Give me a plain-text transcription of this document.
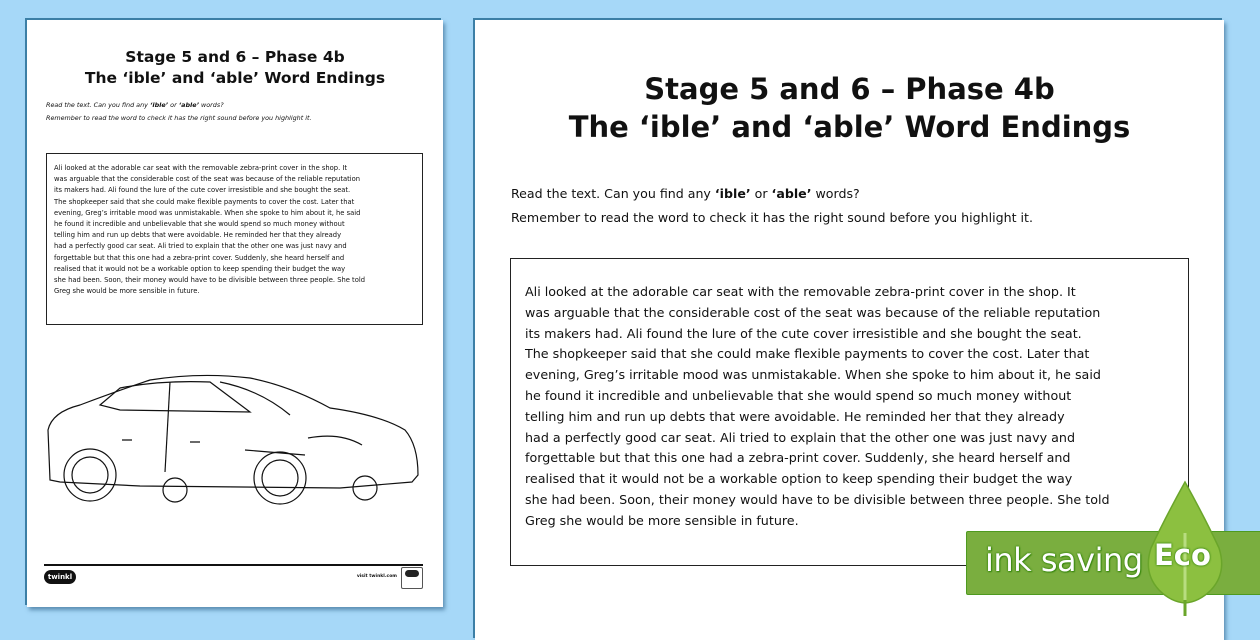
Stage 5 and 6 – Phase 4b
The ‘ible’ and ‘able’ Word Endings
Read the text. Can you find any ‘ible’ or ‘able’ words?
Remember to read the word to check it has the right sound before you highlight it.

Ali looked at the adorable car seat with the removable zebra-print cover in the shop. It

was arguable that the considerable cost of the seat was because of the reliable reputation

its makers had. Ali found the lure of the cute cover irresistible and she bought the seat.

The shopkeeper said that she could make flexible payments to cover the cost. Later that

evening, Greg’s irritable mood was unmistakable. When she spoke to him about it, he said

he found it incredible and unbelievable that she would spend so much money without

telling him and run up debts that were avoidable. He reminded her that they already

had a perfectly good car seat. Ali tried to explain that the other one was just navy and

forgettable but that this one had a zebra-print cover. Suddenly, she heard herself and

realised that it would not be a workable option to keep spending their budget the way

she had been. Soon, their money would have to be divisible between three people. She told

Greg she would be more sensible in future.

twinkl	visit twinkl.com
Stage 5 and 6 – Phase 4b
The ‘ible’ and ‘able’ Word Endings
Read the text. Can you find any ‘ible’ or ‘able’ words?
Remember to read the word to check it has the right sound before you highlight it.

Ali looked at the adorable car seat with the removable zebra-print cover in the shop. It

was arguable that the considerable cost of the seat was because of the reliable reputation

its makers had. Ali found the lure of the cute cover irresistible and she bought the seat.

The shopkeeper said that she could make flexible payments to cover the cost. Later that

evening, Greg’s irritable mood was unmistakable. When she spoke to him about it, he said

he found it incredible and unbelievable that she would spend so much money without

telling him and run up debts that were avoidable. He reminded her that they already

had a perfectly good car seat. Ali tried to explain that the other one was just navy and

forgettable but that this one had a zebra-print cover. Suddenly, she heard herself and

realised that it would not be a workable option to keep spending their budget the way

she had been. Soon, their money would have to be divisible between three people. She told

Greg she would be more sensible in future.

ink saving Eco
